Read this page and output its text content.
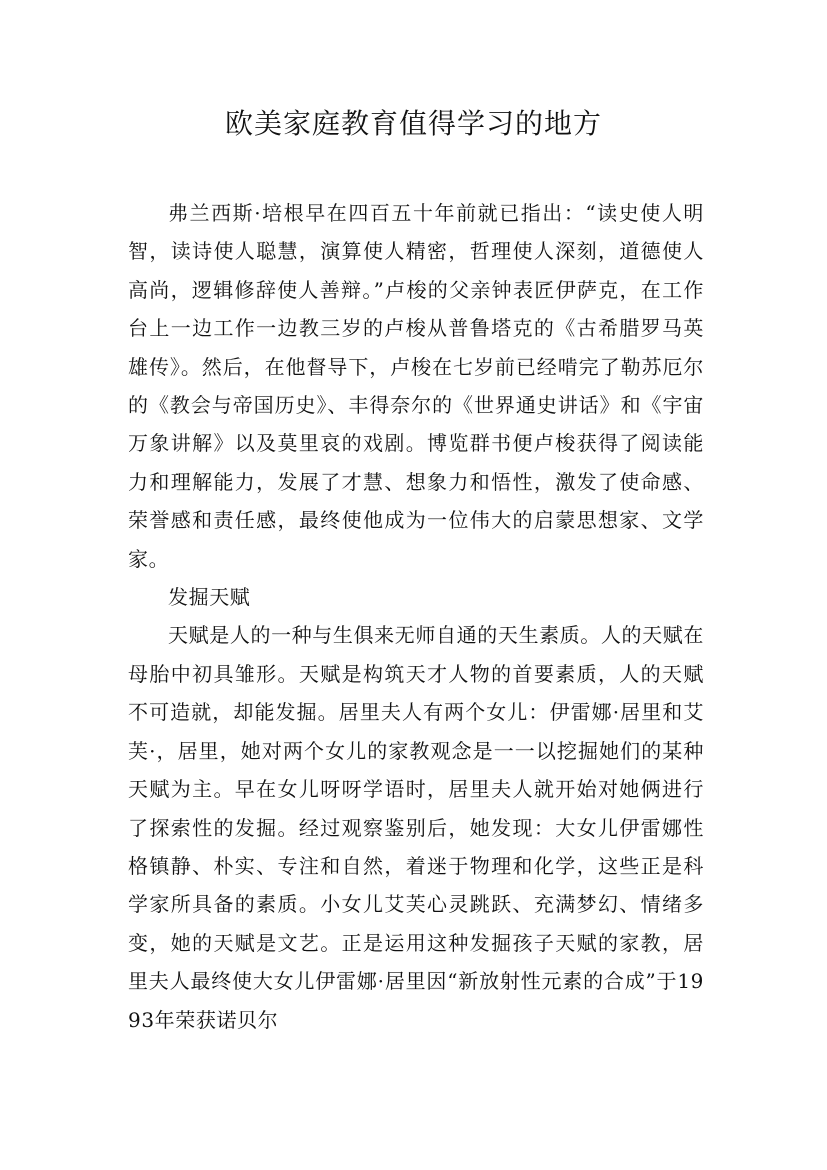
欧美家庭教育值得学习的地方

弗兰西斯·培根早在四百五十年前就已指出：“读史使人明智，读诗使人聪慧，演算使人精密，哲理使人深刻，道德使人高尚，逻辑修辞使人善辩。”卢梭的父亲钟表匠伊萨克，在工作台上一边工作一边教三岁的卢梭从普鲁塔克的《古希腊罗马英雄传》。然后，在他督导下，卢梭在七岁前已经啃完了勒苏厄尔的《教会与帝国历史》、丰得奈尔的《世界通史讲话》和《宇宙万象讲解》以及莫里哀的戏剧。博览群书便卢梭获得了阅读能力和理解能力，发展了才慧、想象力和悟性，激发了使命感、荣誉感和责任感，最终使他成为一位伟大的启蒙思想家、文学家。

发掘天赋

天赋是人的一种与生俱来无师自通的天生素质。人的天赋在母胎中初具雏形。天赋是构筑天才人物的首要素质，人的天赋不可造就，却能发掘。居里夫人有两个女儿：伊雷娜·居里和艾芙·，居里，她对两个女儿的家教观念是一一以挖掘她们的某种天赋为主。早在女儿呀呀学语时，居里夫人就开始对她俩进行了探索性的发掘。经过观察鉴别后，她发现：大女儿伊雷娜性格镇静、朴实、专注和自然，着迷于物理和化学，这些正是科学家所具备的素质。小女儿艾芙心灵跳跃、充满梦幻、情绪多变，她的天赋是文艺。正是运用这种发掘孩子天赋的家教，居里夫人最终使大女儿伊雷娜·居里因“新放射性元素的合成”于1993年荣获诺贝尔
